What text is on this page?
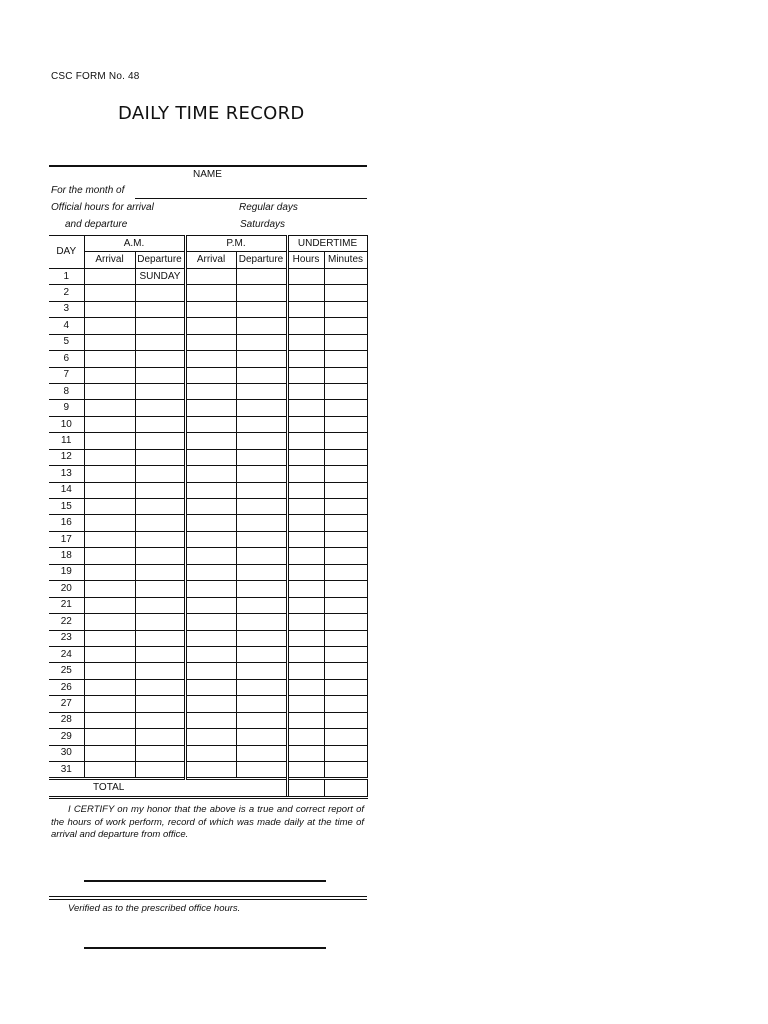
CSC FORM No. 48
DAILY TIME RECORD
NAME
For the month of
Official hours for arrival	Regular days
and departure	Saturdays
DAY	A.M.		P.M.		UNDERTIME	
	Arrival	Departure	Arrival	Departure	Hours	Minutes
1		SUNDAY				
2						
3						
4						
5						
6						
7						
8						
9						
10						
11						
12						
13						
14						
15						
16						
17						
18						
19						
20						
21						
22						
23						
24						
25						
26						
27						
28						
29						
30						
31						
TOTAL						
I CERTIFY on my honor that the above is a true and correct report of the hours of work perform, record of which was made daily at the time of arrival and departure from office.
Verified as to the prescribed office hours.
